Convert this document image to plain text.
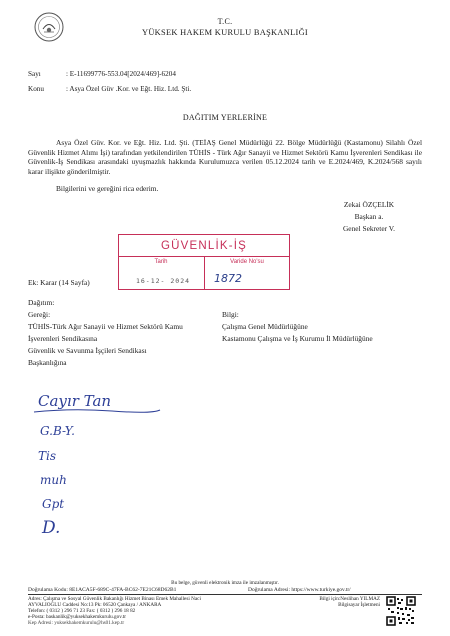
T.C.
YÜKSEK HAKEM KURULU BAŞKANLIĞI
Sayı	: E-11699776-553.04[2024/469]-6204
Konu	: Asya Özel Güv .Kor. ve Eğt. Hiz. Ltd. Şti.
DAĞITIM YERLERİNE
Asya Özel Güv. Kor. ve Eğt. Hiz. Ltd. Şti. (TEİAŞ Genel Müdürlüğü 22. Bölge Müdürlüğü (Kastamonu) Silahlı Özel Güvenlik Hizmet Alımı İşi) tarafından yetkilendirilen TÜHİS - Türk Ağır Sanayii ve Hizmet Sektörü Kamu İşverenleri Sendikası ile Güvenlik-İş Sendikası arasındaki uyuşmazlık hakkında Kurulumuzca verilen 05.12.2024 tarih ve E.2024/469, K.2024/568 sayılı karar ilişikte gönderilmiştir.
Bilgilerini ve gereğini rica ederim.
Zekai ÖZÇELİK
Başkan a.
Genel Sekreter V.
GÜVENLİK-İŞ
Tarih	Varide No'su
16-12- 2024	1872
Ek: Karar (14 Sayfa)
Dağıtım:
Gereği:
TÜHİS-Türk Ağır Sanayii ve Hizmet Sektörü Kamu
İşverenleri Sendikasına
Güvenlik ve Savunma İşçileri Sendikası
Başkanlığına
Bilgi:
Çalışma Genel Müdürlüğüne
Kastamonu Çalışma ve İş Kurumu İl Müdürlüğüne
Cayır Tan
G.B-Y.
Tis
muh
Gpt
D.
Bu belge, güvenli elektronik imza ile imzalanmıştır.
Doğrulama Kodu: 8E1ACA5F-689C-47FA-BC62-7E21C68D62B1	Doğrulama Adresi: https://www.turkiye.gov.tr/
Adres: Çalışma ve Sosyal Güvenlik Bakanlığı Hizmet Binası Emek Mahallesi Naci
AYVALIOĞLU Caddesi No:13 Pk: 06520 Çankaya / ANKARA
Telefon: ( 0312 ) 296 71 23 Fax: ( 0312 ) 296 18 82
e-Posta: baskanlik@yuksekhakemkurulu.gov.tr
Kep Adresi: yuksekhakemkurulu@hs01.kep.tr
Bilgi için:Neslihan YILMAZ
Bilgisayar İşletmeni
